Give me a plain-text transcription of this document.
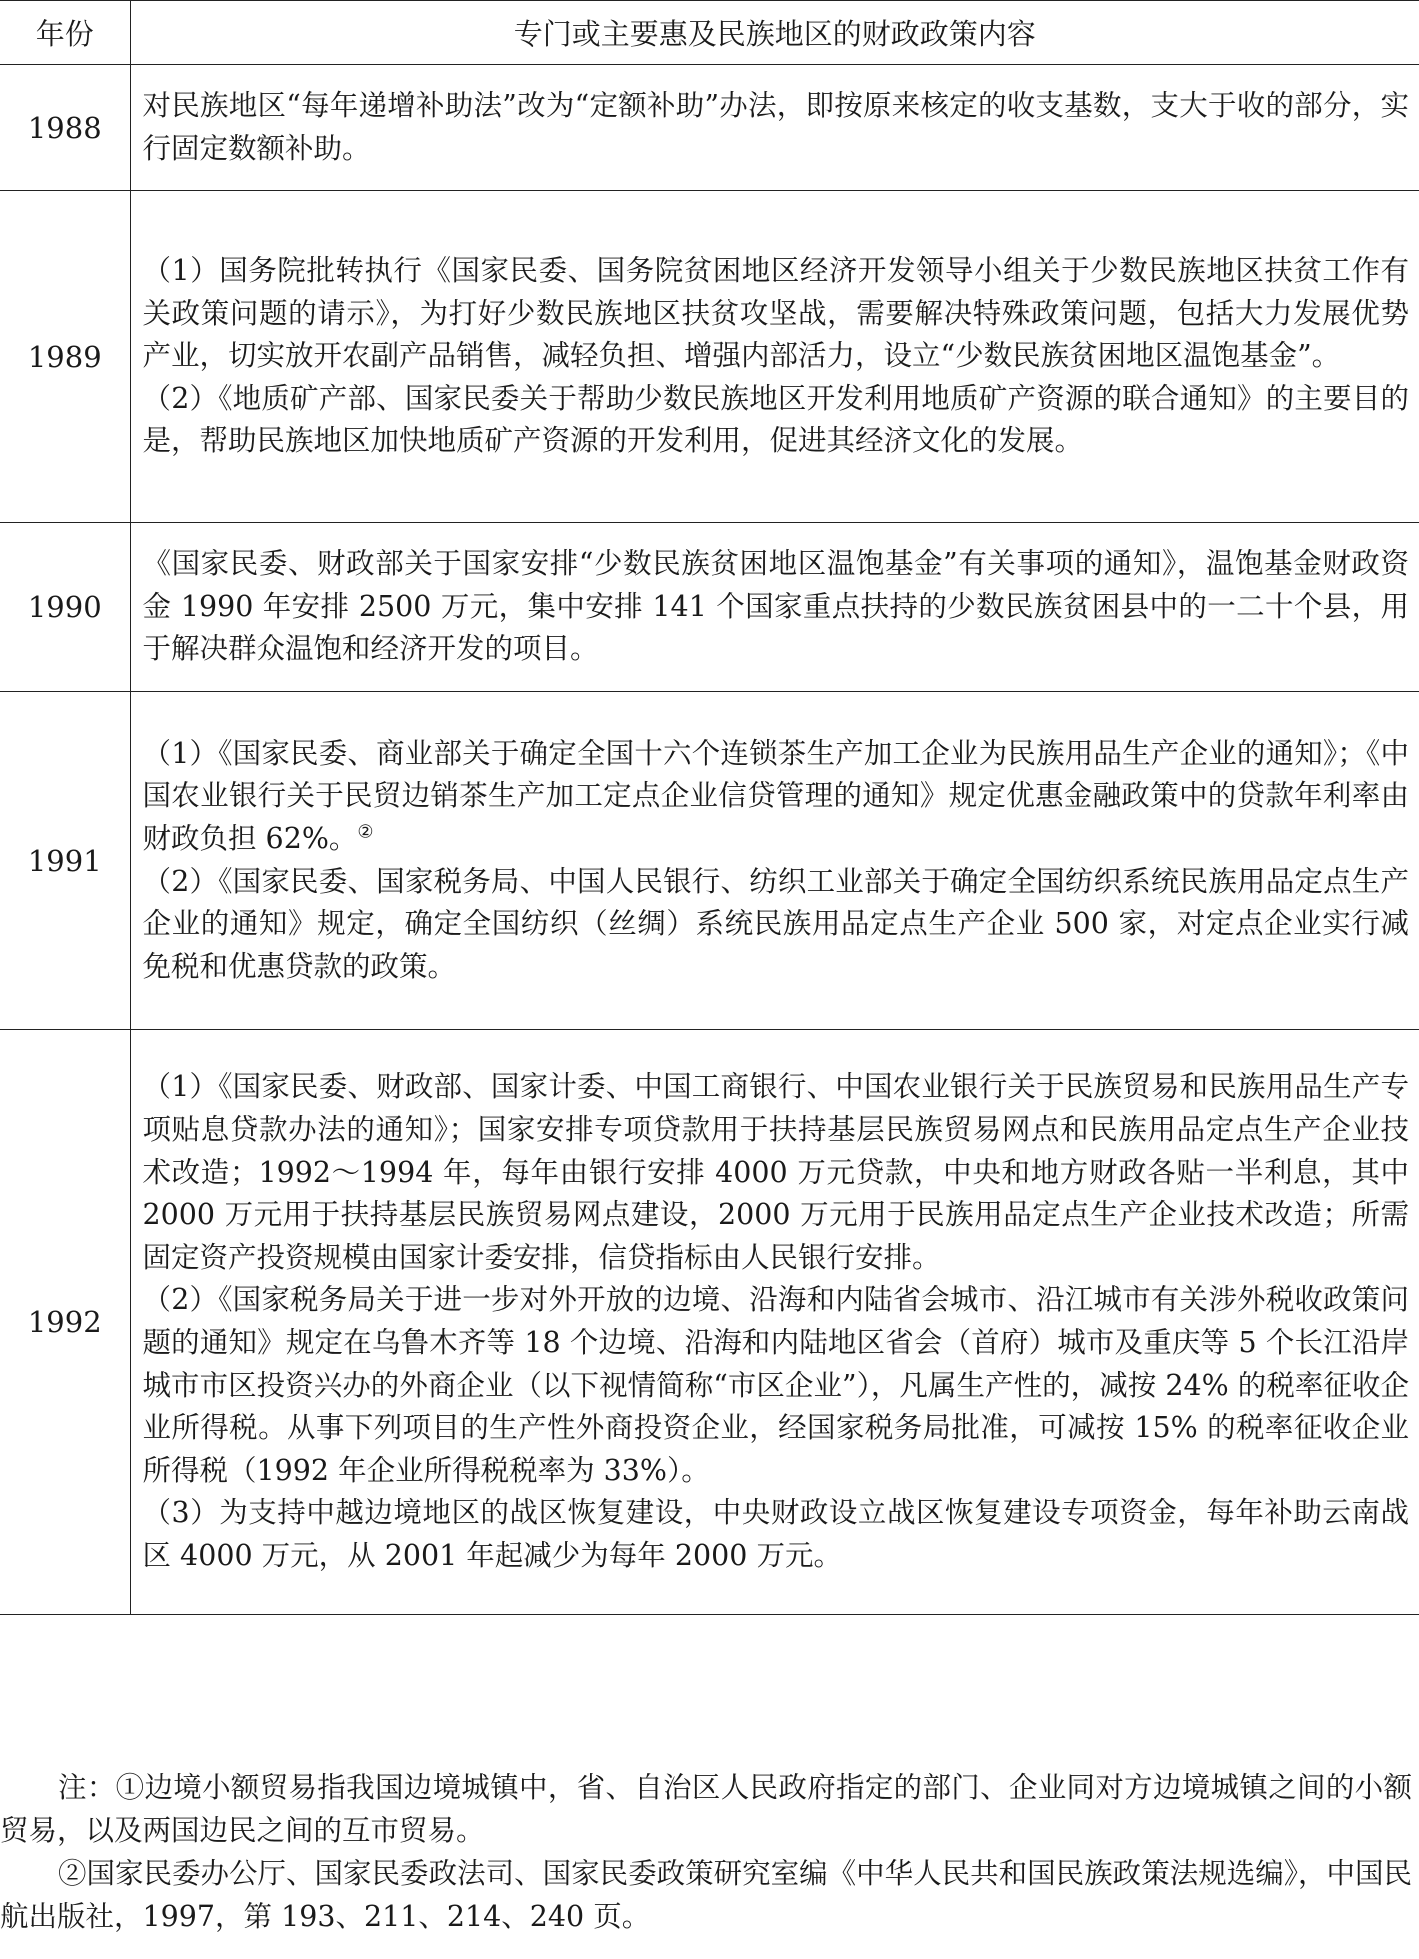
年份	专门或主要惠及民族地区的财政政策内容
1988	对民族地区“每年递增补助法”改为“定额补助”办法，即按原来核定的收支基数，支大于收的部分，实行固定数额补助。

1989	（1）国务院批转执行《国家民委、国务院贫困地区经济开发领导小组关于少数民族地区扶贫工作有关政策问题的请示》，为打好少数民族地区扶贫攻坚战，需要解决特殊政策问题，包括大力发展优势产业，切实放开农副产品销售，减轻负担、增强内部活力，设立“少数民族贫困地区温饱基金”。

（2）《地质矿产部、国家民委关于帮助少数民族地区开发利用地质矿产资源的联合通知》的主要目的是，帮助民族地区加快地质矿产资源的开发利用，促进其经济文化的发展。

1990	《国家民委、财政部关于国家安排“少数民族贫困地区温饱基金”有关事项的通知》，温饱基金财政资金 1990 年安排 2500 万元，集中安排 141 个国家重点扶持的少数民族贫困县中的一二十个县，用于解决群众温饱和经济开发的项目。

1991	（1）《国家民委、商业部关于确定全国十六个连锁茶生产加工企业为民族用品生产企业的通知》；《中国农业银行关于民贸边销茶生产加工定点企业信贷管理的通知》规定优惠金融政策中的贷款年利率由财政负担 62%。②

（2）《国家民委、国家税务局、中国人民银行、纺织工业部关于确定全国纺织系统民族用品定点生产企业的通知》规定，确定全国纺织（丝绸）系统民族用品定点生产企业 500 家，对定点企业实行减免税和优惠贷款的政策。

1992	（1）《国家民委、财政部、国家计委、中国工商银行、中国农业银行关于民族贸易和民族用品生产专项贴息贷款办法的通知》；国家安排专项贷款用于扶持基层民族贸易网点和民族用品定点生产企业技术改造；1992～1994 年，每年由银行安排 4000 万元贷款，中央和地方财政各贴一半利息，其中 2000 万元用于扶持基层民族贸易网点建设，2000 万元用于民族用品定点生产企业技术改造；所需固定资产投资规模由国家计委安排，信贷指标由人民银行安排。

（2）《国家税务局关于进一步对外开放的边境、沿海和内陆省会城市、沿江城市有关涉外税收政策问题的通知》规定在乌鲁木齐等 18 个边境、沿海和内陆地区省会（首府）城市及重庆等 5 个长江沿岸城市市区投资兴办的外商企业（以下视情简称“市区企业”），凡属生产性的，减按 24% 的税率征收企业所得税。从事下列项目的生产性外商投资企业，经国家税务局批准，可减按 15% 的税率征收企业所得税（1992 年企业所得税税率为 33%）。

（3）为支持中越边境地区的战区恢复建设，中央财政设立战区恢复建设专项资金，每年补助云南战区 4000 万元，从 2001 年起减少为每年 2000 万元。

注：①边境小额贸易指我国边境城镇中，省、自治区人民政府指定的部门、企业同对方边境城镇之间的小额贸易，以及两国边民之间的互市贸易。

②国家民委办公厅、国家民委政法司、国家民委政策研究室编《中华人民共和国民族政策法规选编》，中国民航出版社，1997，第 193、211、214、240 页。
